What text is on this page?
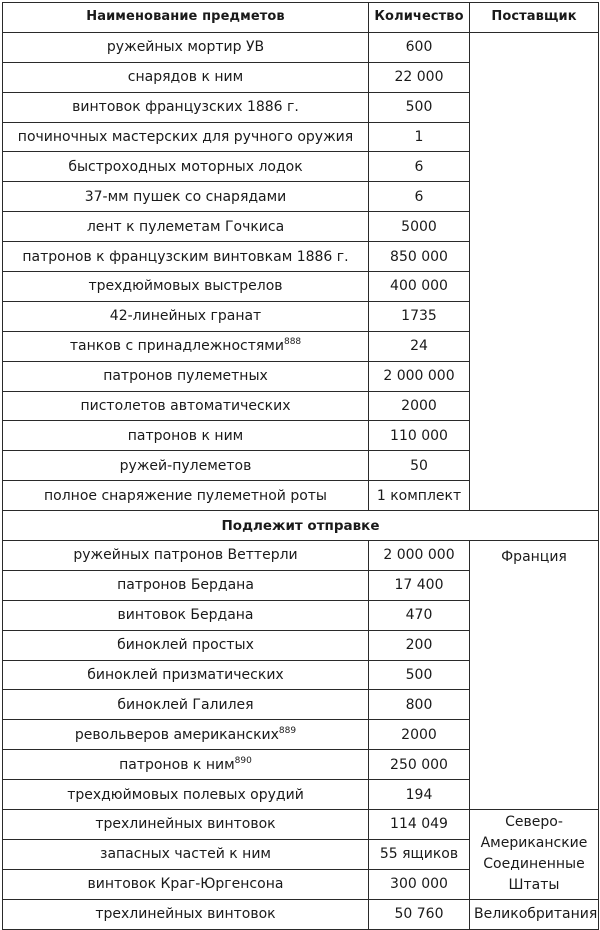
Наименование предметов	Количество	Поставщик
ружейных мортир УВ	600	
снарядов к ним	22 000	
винтовок французских 1886 г.	500	
починочных мастерских для ручного оружия	1	
быстроходных моторных лодок	6	
37-мм пушек со снарядами	6	
лент к пулеметам Гочкиса	5000	
патронов к французским винтовкам 1886 г.	850 000	
трехдюймовых выстрелов	400 000	
42-линейных гранат	1735	
танков с принадлежностями$^{888}$	24	
патронов пулеметных	2 000 000	
пистолетов автоматических	2000	
патронов к ним	110 000	
ружей-пулеметов	50	
полное снаряжение пулеметной роты	1 комплект	
Подлежит отправке		
ружейных патронов Веттерли	2 000 000	Франция
патронов Бердана	17 400	
винтовок Бердана	470	
биноклей простых	200	
биноклей призматических	500	
биноклей Галилея	800	
револьверов американских$^{889}$	2000	
патронов к ним$^{890}$	250 000	
трехдюймовых полевых орудий	194	
трехлинейных винтовок	114 049	Северо-Американские Соединенные Штаты
запасных частей к ним	55 ящиков	
винтовок Краг-Юргенсона	300 000	
трехлинейных винтовок	50 760	Великобритания
